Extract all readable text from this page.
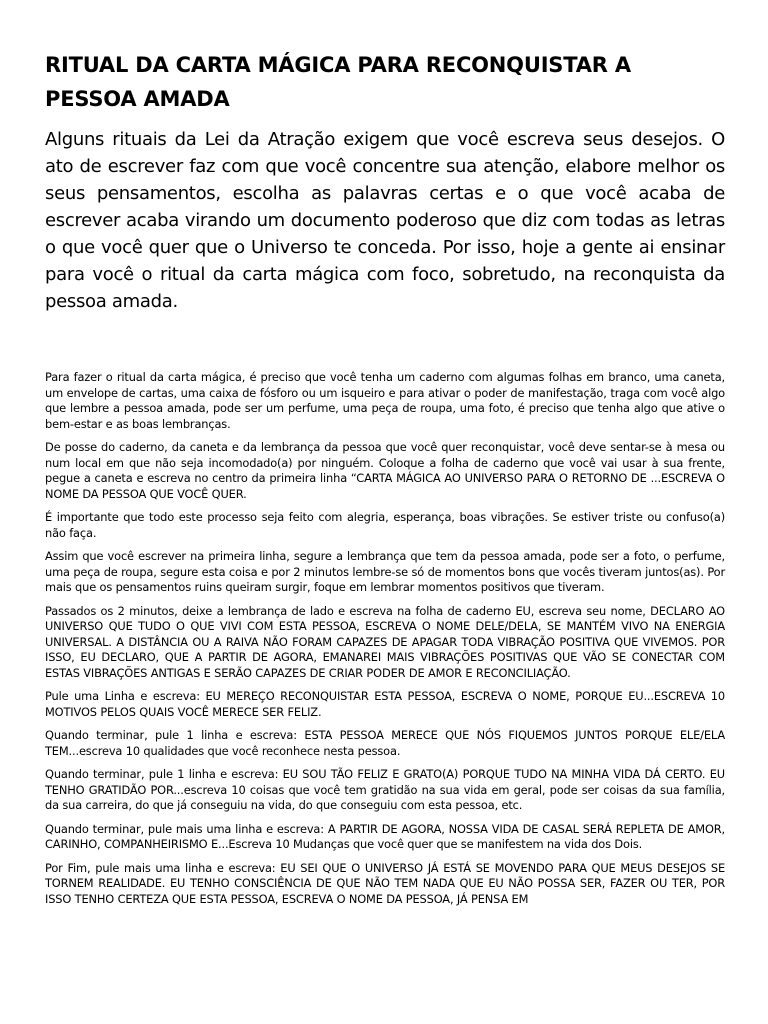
RITUAL DA CARTA MÁGICA PARA RECONQUISTAR A PESSOA AMADA

Alguns rituais da Lei da Atração exigem que você escreva seus desejos. O ato de escrever faz com que você concentre sua atenção, elabore melhor os seus pensamentos, escolha as palavras certas e o que você acaba de escrever acaba virando um documento poderoso que diz com todas as letras o que você quer que o Universo te conceda. Por isso, hoje a gente ai ensinar para você o ritual da carta mágica com foco, sobretudo, na reconquista da pessoa amada.

Para fazer o ritual da carta mágica, é preciso que você tenha um caderno com algumas folhas em branco, uma caneta, um envelope de cartas, uma caixa de fósforo ou um isqueiro e para ativar o poder de manifestação, traga com você algo que lembre a pessoa amada, pode ser um perfume, uma peça de roupa, uma foto, é preciso que tenha algo que ative o bem-estar e as boas lembranças.

De posse do caderno, da caneta e da lembrança da pessoa que você quer reconquistar, você deve sentar-se à mesa ou num local em que não seja incomodado(a) por ninguém. Coloque a folha de caderno que você vai usar à sua frente, pegue a caneta e escreva no centro da primeira linha “CARTA MÁGICA AO UNIVERSO PARA O RETORNO DE ...ESCREVA O NOME DA PESSOA QUE VOCÊ QUER.

É importante que todo este processo seja feito com alegria, esperança, boas vibrações. Se estiver triste ou confuso(a) não faça.

Assim que você escrever na primeira linha, segure a lembrança que tem da pessoa amada, pode ser a foto, o perfume, uma peça de roupa, segure esta coisa e por 2 minutos lembre-se só de momentos bons que vocês tiveram juntos(as). Por mais que os pensamentos ruins queiram surgir, foque em lembrar momentos positivos que tiveram.

Passados os 2 minutos, deixe a lembrança de lado e escreva na folha de caderno EU, escreva seu nome, DECLARO AO UNIVERSO QUE TUDO O QUE VIVI COM ESTA PESSOA, ESCREVA O NOME DELE/DELA, SE MANTÉM VIVO NA ENERGIA UNIVERSAL. A DISTÂNCIA OU A RAIVA NÃO FORAM CAPAZES DE APAGAR TODA VIBRAÇÃO POSITIVA QUE VIVEMOS. POR ISSO, EU DECLARO, QUE A PARTIR DE AGORA, EMANAREI MAIS VIBRAÇÕES POSITIVAS QUE VÃO SE CONECTAR COM ESTAS VIBRAÇÕES ANTIGAS E SERÃO CAPAZES DE CRIAR PODER DE AMOR E RECONCILIAÇÃO.

Pule uma Linha e escreva: EU MEREÇO RECONQUISTAR ESTA PESSOA, ESCREVA O NOME, PORQUE EU...ESCREVA 10 MOTIVOS PELOS QUAIS VOCÊ MERECE SER FELIZ.

Quando terminar, pule 1 linha e escreva: ESTA PESSOA MERECE QUE NÓS FIQUEMOS JUNTOS PORQUE ELE/ELA TEM...escreva 10 qualidades que você reconhece nesta pessoa.

Quando terminar, pule 1 linha e escreva: EU SOU TÃO FELIZ E GRATO(A) PORQUE TUDO NA MINHA VIDA DÁ CERTO. EU TENHO GRATIDÃO POR...escreva 10 coisas que você tem gratidão na sua vida em geral, pode ser coisas da sua família, da sua carreira, do que já conseguiu na vida, do que conseguiu com esta pessoa, etc.

Quando terminar, pule mais uma linha e escreva: A PARTIR DE AGORA, NOSSA VIDA DE CASAL SERÁ REPLETA DE AMOR, CARINHO, COMPANHEIRISMO E...Escreva 10 Mudanças que você quer que se manifestem na vida dos Dois.

Por Fim, pule mais uma linha e escreva: EU SEI QUE O UNIVERSO JÁ ESTÁ SE MOVENDO PARA QUE MEUS DESEJOS SE TORNEM REALIDADE. EU TENHO CONSCIÊNCIA DE QUE NÃO TEM NADA QUE EU NÃO POSSA SER, FAZER OU TER, POR ISSO TENHO CERTEZA QUE ESTA PESSOA, ESCREVA O NOME DA PESSOA, JÁ PENSA EM
